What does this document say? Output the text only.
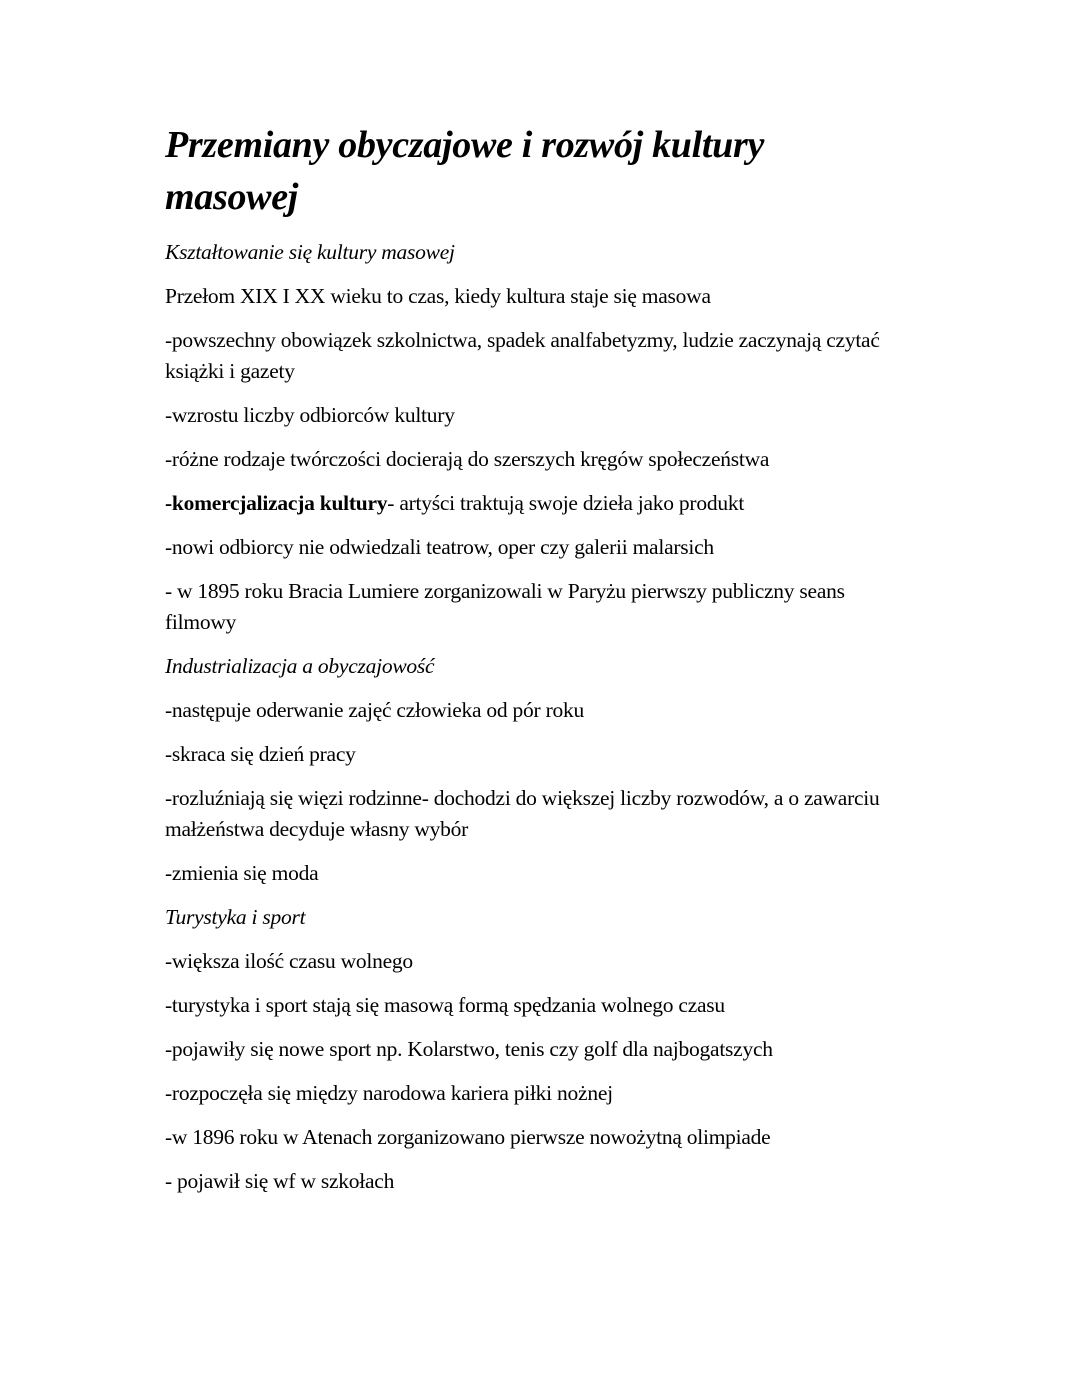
Przemiany obyczajowe i rozwój kultury masowej

Kształtowanie się kultury masowej

Przełom XIX I XX wieku to czas, kiedy kultura staje się masowa

-powszechny obowiązek szkolnictwa, spadek analfabetyzmy, ludzie zaczynają czytać książki i gazety

-wzrostu liczby odbiorców kultury

-różne rodzaje twórczości docierają do szerszych kręgów społeczeństwa

-komercjalizacja kultury- artyści traktują swoje dzieła jako produkt

-nowi odbiorcy nie odwiedzali teatrow, oper czy galerii malarsich

- w 1895 roku Bracia Lumiere zorganizowali w Paryżu pierwszy publiczny seans filmowy

Industrializacja a obyczajowość

-następuje oderwanie zajęć człowieka od pór roku

-skraca się dzień pracy

-rozluźniają się więzi rodzinne- dochodzi do większej liczby rozwodów, a o zawarciu małżeństwa decyduje własny wybór

-zmienia się moda

Turystyka i sport

-większa ilość czasu wolnego

-turystyka i sport stają się masową formą spędzania wolnego czasu

-pojawiły się nowe sport np. Kolarstwo, tenis czy golf dla najbogatszych

-rozpoczęła się między narodowa kariera piłki nożnej

-w 1896 roku w Atenach zorganizowano pierwsze nowożytną olimpiade

- pojawił się wf w szkołach
